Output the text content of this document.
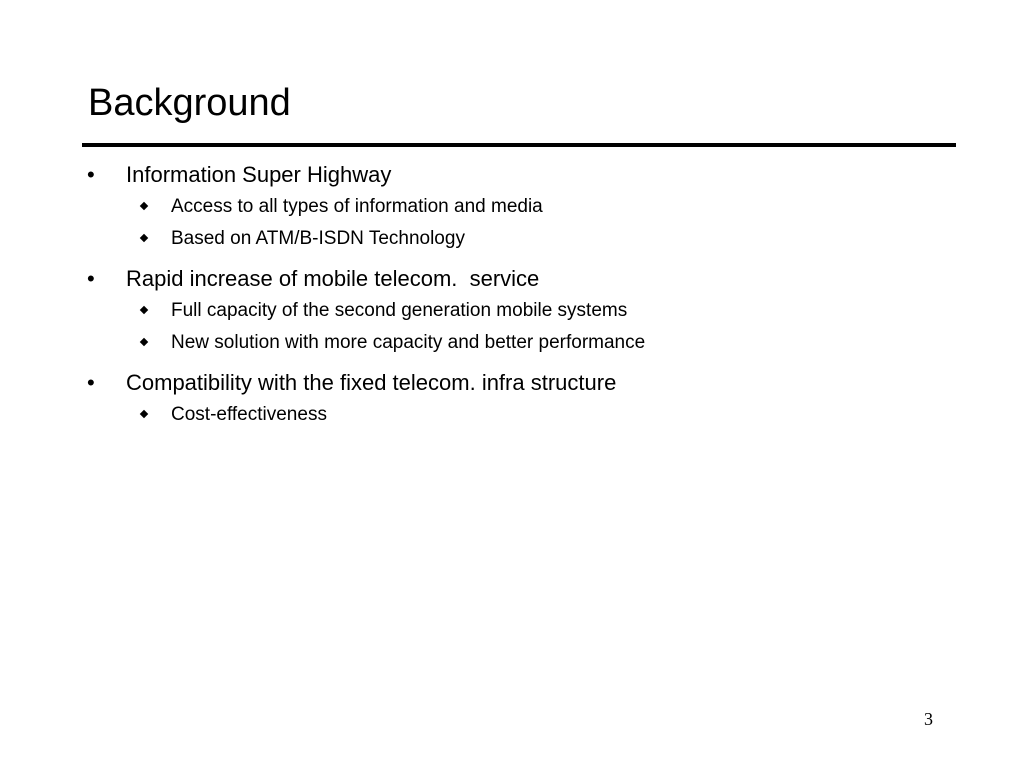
Background
• Information Super Highway
Access to all types of information and media
Based on ATM/B-ISDN Technology
• Rapid increase of mobile telecom.  service
Full capacity of the second generation mobile systems
New solution with more capacity and better performance
• Compatibility with the fixed telecom. infra structure
Cost-effectiveness
3
